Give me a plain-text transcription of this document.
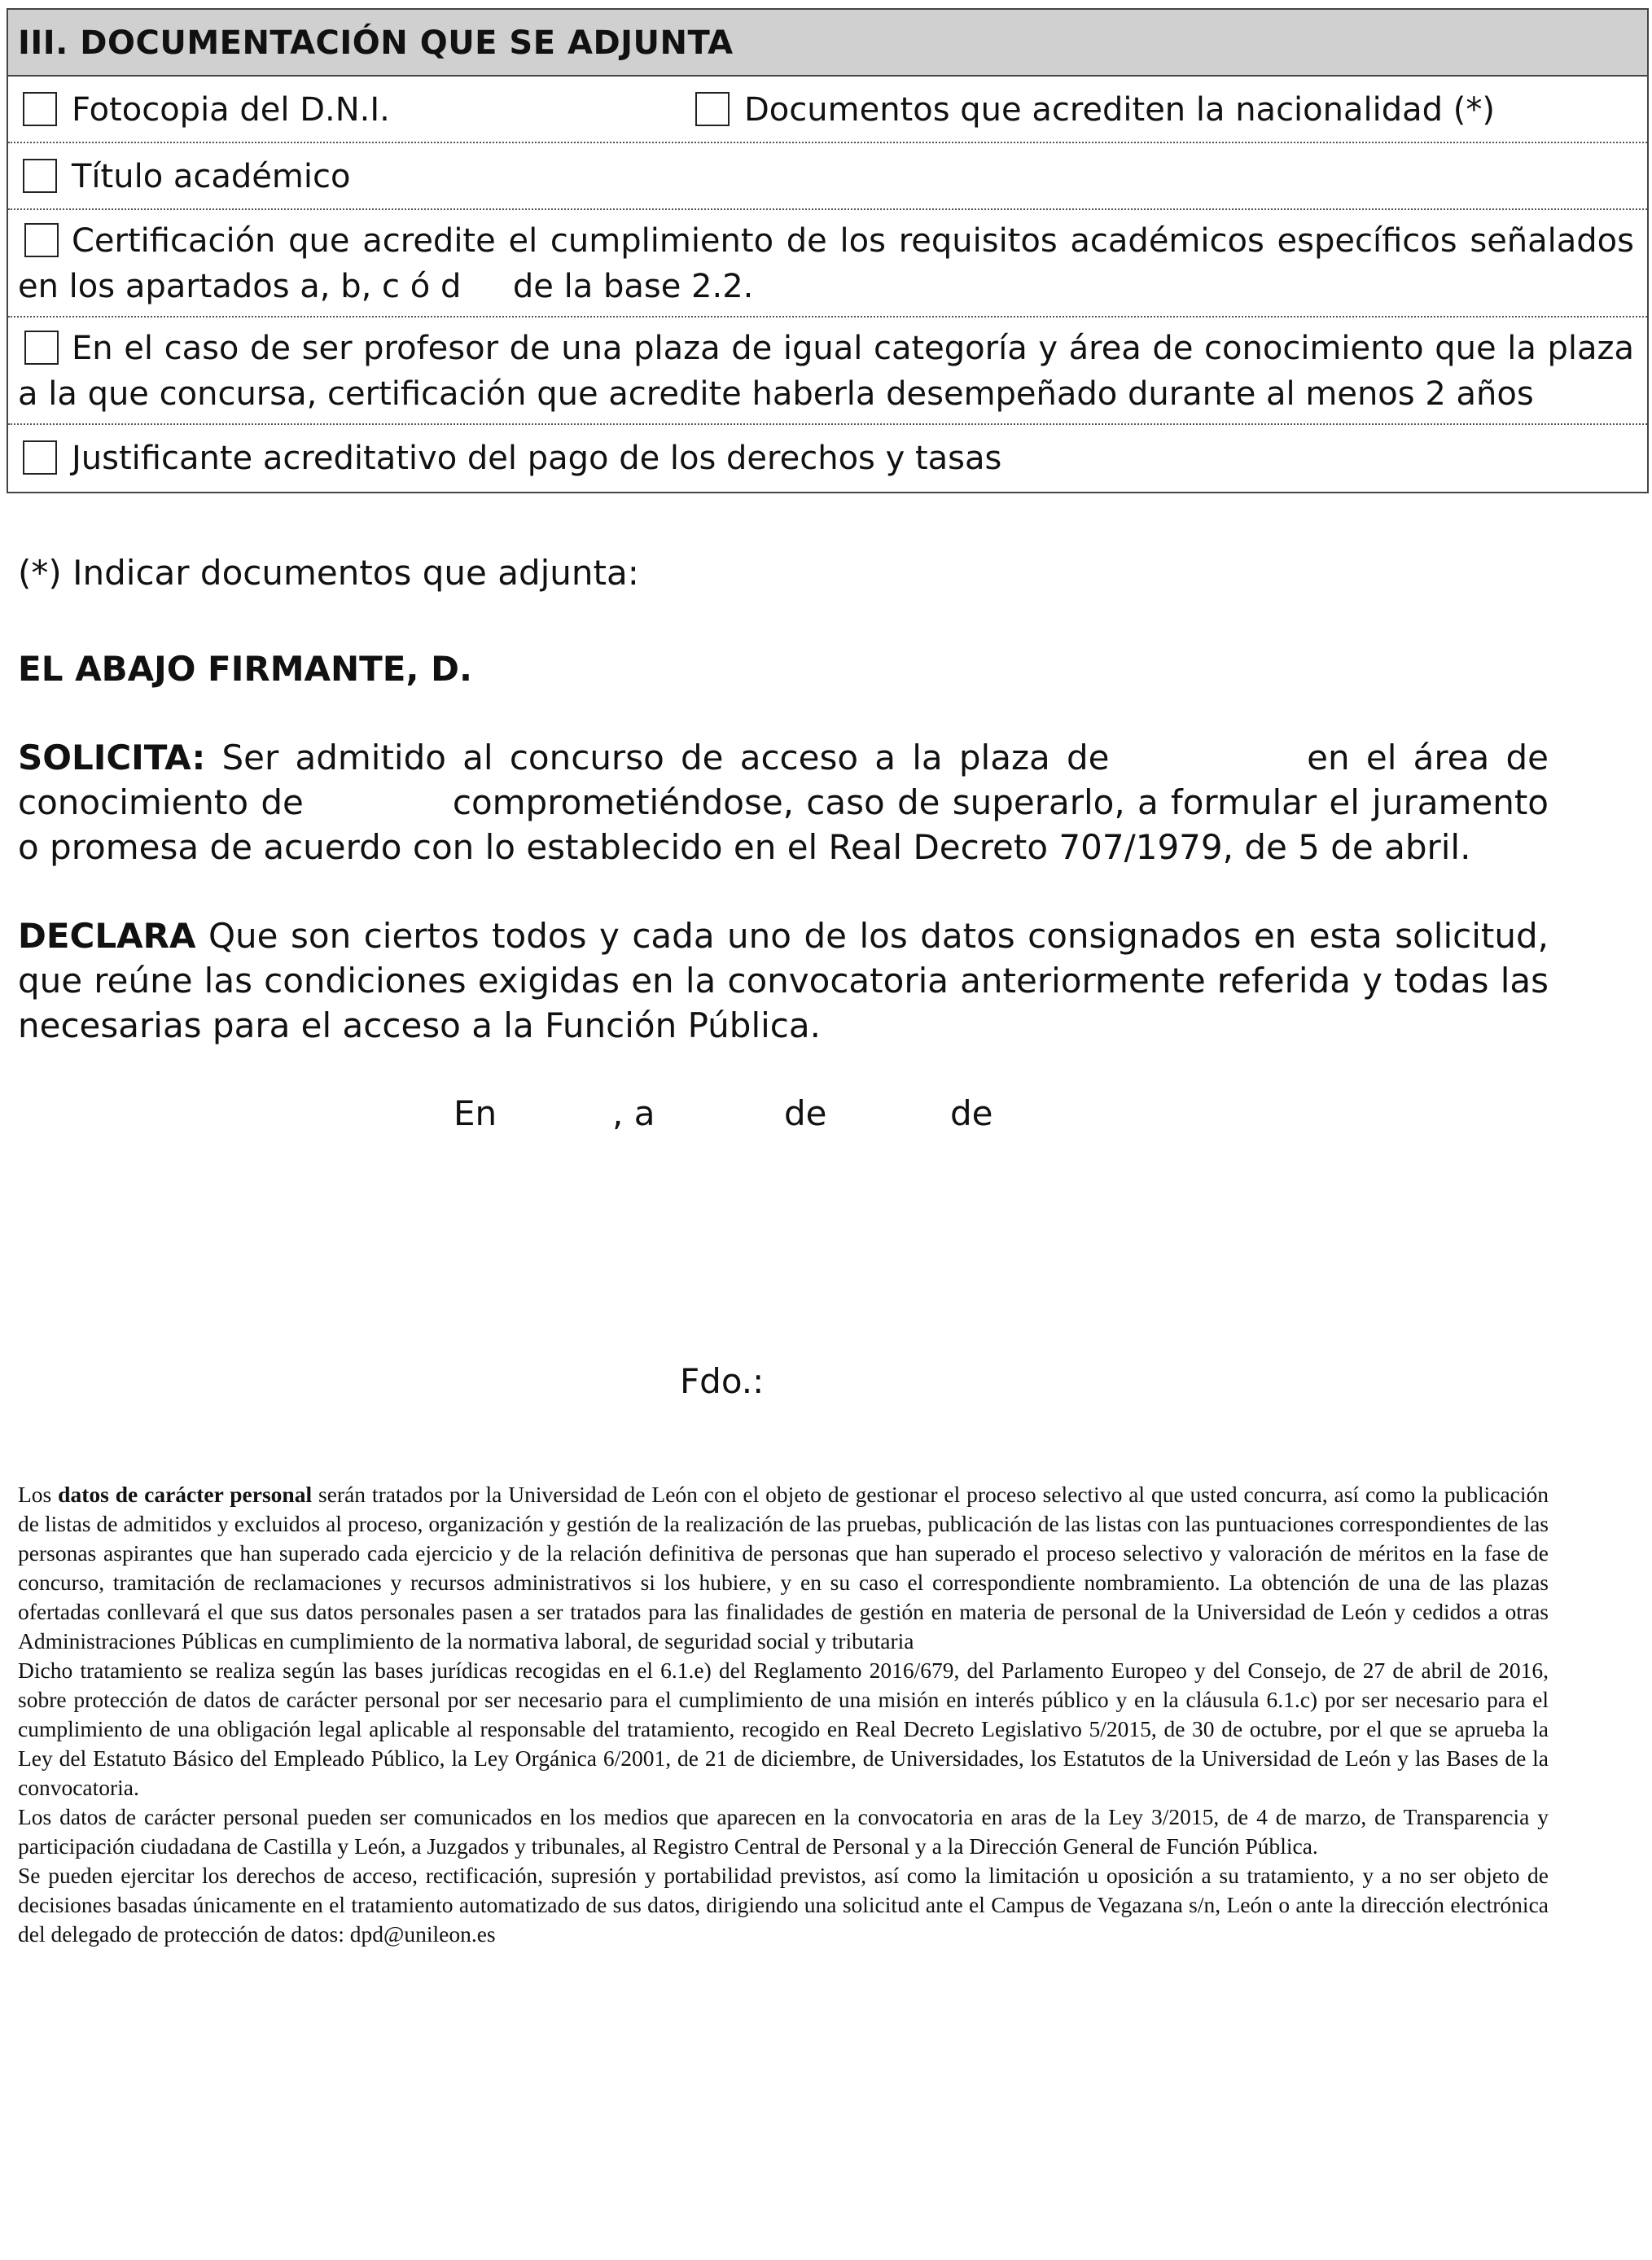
III. DOCUMENTACIÓN QUE SE ADJUNTA
Fotocopia del D.N.I.	Documentos que acrediten la nacionalidad (*)
Título académico
Certificación que acredite el cumplimiento de los requisitos académicos específicos señalados en los apartados a, b, c ó d     de la base 2.2.
En el caso de ser profesor de una plaza de igual categoría y área de conocimiento que la plaza a la que concursa, certificación que acredite haberla desempeñado durante al menos 2 años
Justificante acreditativo del pago de los derechos y tasas
(*) Indicar documentos que adjunta:
EL ABAJO FIRMANTE, D.
SOLICITA: Ser admitido al concurso de acceso a la plaza de            en el área de conocimiento de            comprometiéndose, caso de superarlo, a formular el juramento o promesa de acuerdo con lo establecido en el Real Decreto 707/1979, de 5 de abril.
DECLARA Que son ciertos todos y cada uno de los datos consignados en esta solicitud, que reúne las condiciones exigidas en la convocatoria anteriormente referida y todas las necesarias para el acceso a la Función Pública.
En	, a	de	de
Fdo.:

Los datos de carácter personal serán tratados por la Universidad de León con el objeto de gestionar el proceso selectivo al que usted concurra, así como la publicación de listas de admitidos y excluidos al proceso, organización y gestión de la realización de las pruebas, publicación de las listas con las puntuaciones correspondientes de las personas aspirantes que han superado cada ejercicio y de la relación definitiva de personas que han superado el proceso selectivo y valoración de méritos en la fase de concurso, tramitación de reclamaciones y recursos administrativos si los hubiere, y en su caso el correspondiente nombramiento. La obtención de una de las plazas ofertadas conllevará el que sus datos personales pasen a ser tratados para las finalidades de gestión en materia de personal de la Universidad de León y cedidos a otras Administraciones Públicas en cumplimiento de la normativa laboral, de seguridad social y tributaria

Dicho tratamiento se realiza según las bases jurídicas recogidas en el 6.1.e) del Reglamento 2016/679, del Parlamento Europeo y del Consejo, de 27 de abril de 2016, sobre protección de datos de carácter personal por ser necesario para el cumplimiento de una misión en interés público y en la cláusula 6.1.c) por ser necesario para el cumplimiento de una obligación legal aplicable al responsable del tratamiento, recogido en Real Decreto Legislativo 5/2015, de 30 de octubre, por el que se aprueba la Ley del Estatuto Básico del Empleado Público, la Ley Orgánica 6/2001, de 21 de diciembre, de Universidades, los Estatutos de la Universidad de León y las Bases de la convocatoria.

Los datos de carácter personal pueden ser comunicados en los medios que aparecen en la convocatoria en aras de la Ley 3/2015, de 4 de marzo, de Transparencia y participación ciudadana de Castilla y León, a Juzgados y tribunales, al Registro Central de Personal y a la Dirección General de Función Pública.

Se pueden ejercitar los derechos de acceso, rectificación, supresión y portabilidad previstos, así como la limitación u oposición a su tratamiento, y a no ser objeto de decisiones basadas únicamente en el tratamiento automatizado de sus datos, dirigiendo una solicitud ante el Campus de Vegazana s/n, León o ante la dirección electrónica del delegado de protección de datos: dpd@unileon.es
